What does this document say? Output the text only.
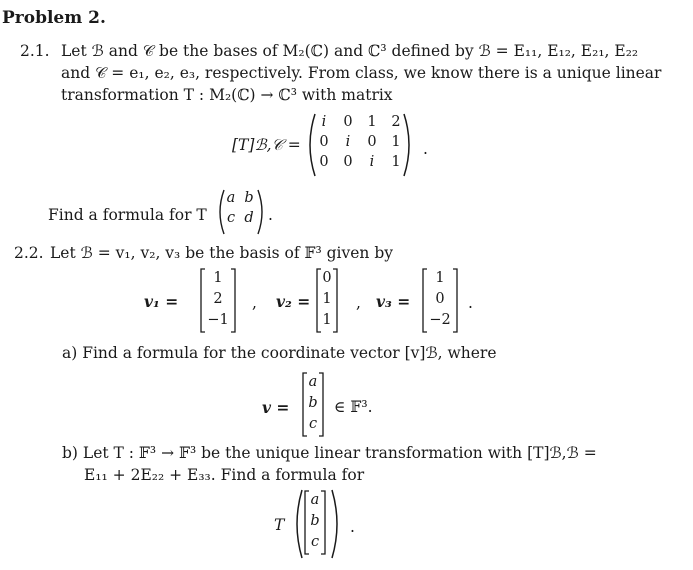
Problem 2.
2.1. Let ℬ and 𝒞 be the bases of M₂(ℂ) and ℂ³ defined by ℬ = E₁₁, E₁₂, E₂₁, E₂₂
and 𝒞 = e₁, e₂, e₃, respectively. From class, we know there is a unique linear
transformation T : M₂(ℂ) → ℂ³ with matrix
[T]ℬ,𝒞 =
i	0	1	2
0	i	0	1
0	0	i	1
.
Find a formula for T
a b
c d .
2.2. Let ℬ = v₁, v₂, v₃ be the basis of 𝔽³ given by
v₁ =
1
2
−1
, v₂ =
0
1
1
, v₃ =
1
0
−2
.
a) Find a formula for the coordinate vector [v]ℬ, where
v =
a
b
c
∈ 𝔽³.
b) Let T : 𝔽³ → 𝔽³ be the unique linear transformation with [T]ℬ,ℬ =
E₁₁ + 2E₂₂ + E₃₃. Find a formula for
T
a
b
c
.
